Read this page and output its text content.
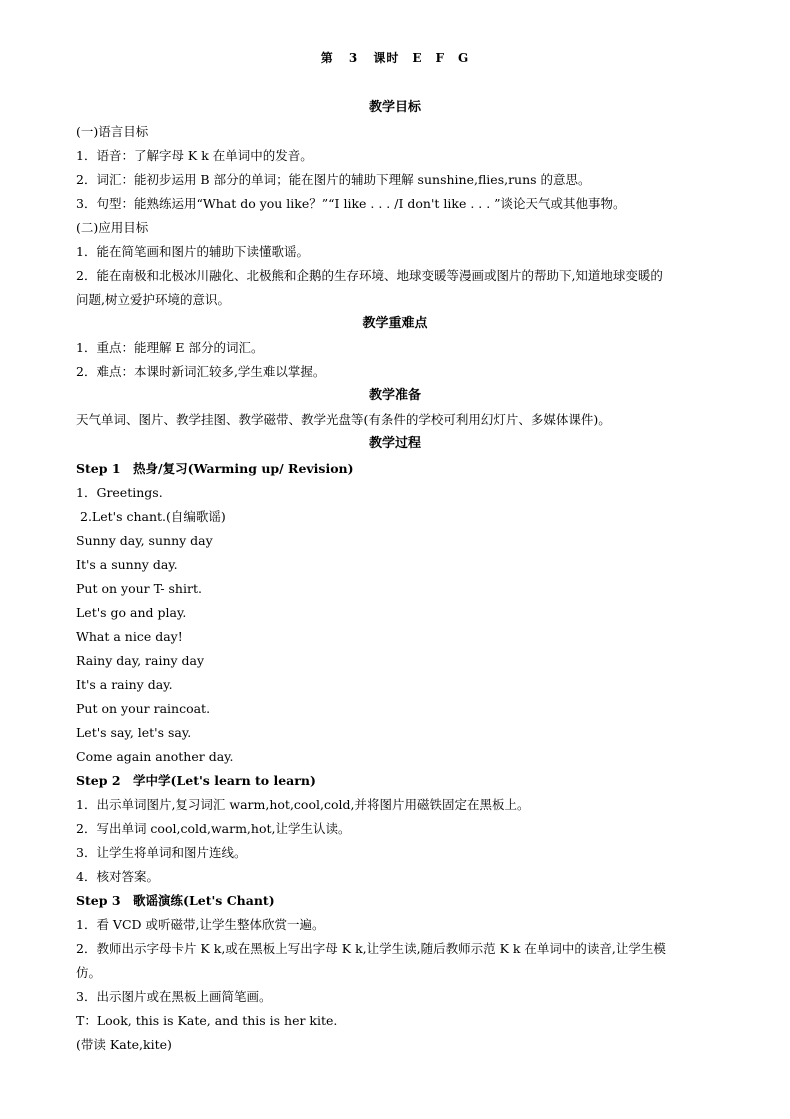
第 3 课时　E　F　G
教学目标
(一)语言目标
1．语音：了解字母 K k 在单词中的发音。
2．词汇：能初步运用 B 部分的单词；能在图片的辅助下理解 sunshine,flies,runs 的意思。
3．句型：能熟练运用“What do you like？”“I like . . . /I don't like . . . ”谈论天气或其他事物。
(二)应用目标
1．能在简笔画和图片的辅助下读懂歌谣。
2．能在南极和北极冰川融化、北极熊和企鹅的生存环境、地球变暖等漫画或图片的帮助下,知道地球变暖的
问题,树立爱护环境的意识。
教学重难点
1．重点：能理解 E 部分的词汇。
2．难点：本课时新词汇较多,学生难以掌握。
教学准备
天气单词、图片、教学挂图、教学磁带、教学光盘等(有条件的学校可利用幻灯片、多媒体课件)。
教学过程
Step 1　热身/复习(Warming up/ Revision)
1．Greetings.
2.Let's chant.(自编歌谣)
Sunny day, sunny day
It's a sunny day.
Put on your T- shirt.
Let's go and play.
What a nice day!
Rainy day, rainy day
It's a rainy day.
Put on your raincoat.
Let's say, let's say.
Come again another day.
Step 2　学中学(Let's learn to learn)
1．出示单词图片,复习词汇 warm,hot,cool,cold,并将图片用磁铁固定在黑板上。
2．写出单词 cool,cold,warm,hot,让学生认读。
3．让学生将单词和图片连线。
4．核对答案。
Step 3　歌谣演练(Let's Chant)
1．看 VCD 或听磁带,让学生整体欣赏一遍。
2．教师出示字母卡片 K k,或在黑板上写出字母 K k,让学生读,随后教师示范 K k 在单词中的读音,让学生模
仿。
3．出示图片或在黑板上画简笔画。
T：Look, this is Kate, and this is her kite.
(带读 Kate,kite)
